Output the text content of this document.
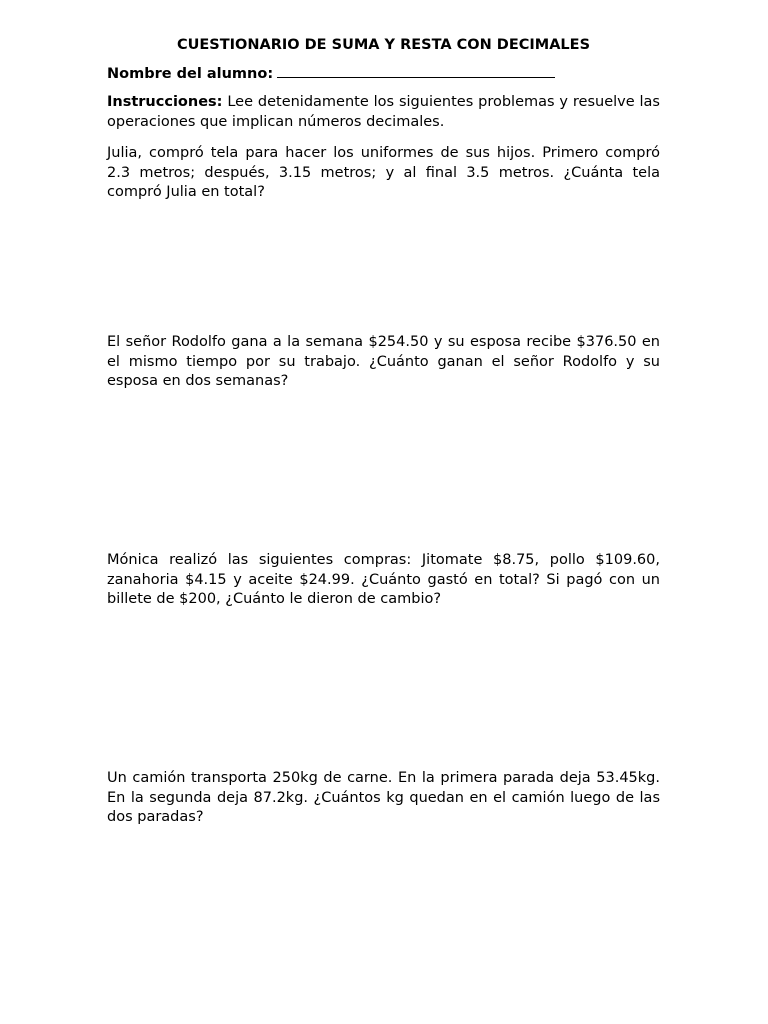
CUESTIONARIO DE SUMA Y RESTA CON DECIMALES
Nombre del alumno:
Instrucciones: Lee detenidamente los siguientes problemas y resuelve las operaciones que implican números decimales.

Julia, compró tela para hacer los uniformes de sus hijos. Primero compró 2.3 metros; después, 3.15 metros; y al final 3.5 metros. ¿Cuánta tela compró Julia en total?

El señor Rodolfo gana a la semana $254.50 y su esposa recibe $376.50 en el mismo tiempo por su trabajo. ¿Cuánto ganan el señor Rodolfo y su esposa en dos semanas?

Mónica realizó las siguientes compras: Jitomate $8.75, pollo $109.60, zanahoria $4.15 y aceite $24.99. ¿Cuánto gastó en total? Si pagó con un billete de $200, ¿Cuánto le dieron de cambio?

Un camión transporta 250kg de carne. En la primera parada deja 53.45kg. En la segunda deja 87.2kg. ¿Cuántos kg quedan en el camión luego de las dos paradas?
